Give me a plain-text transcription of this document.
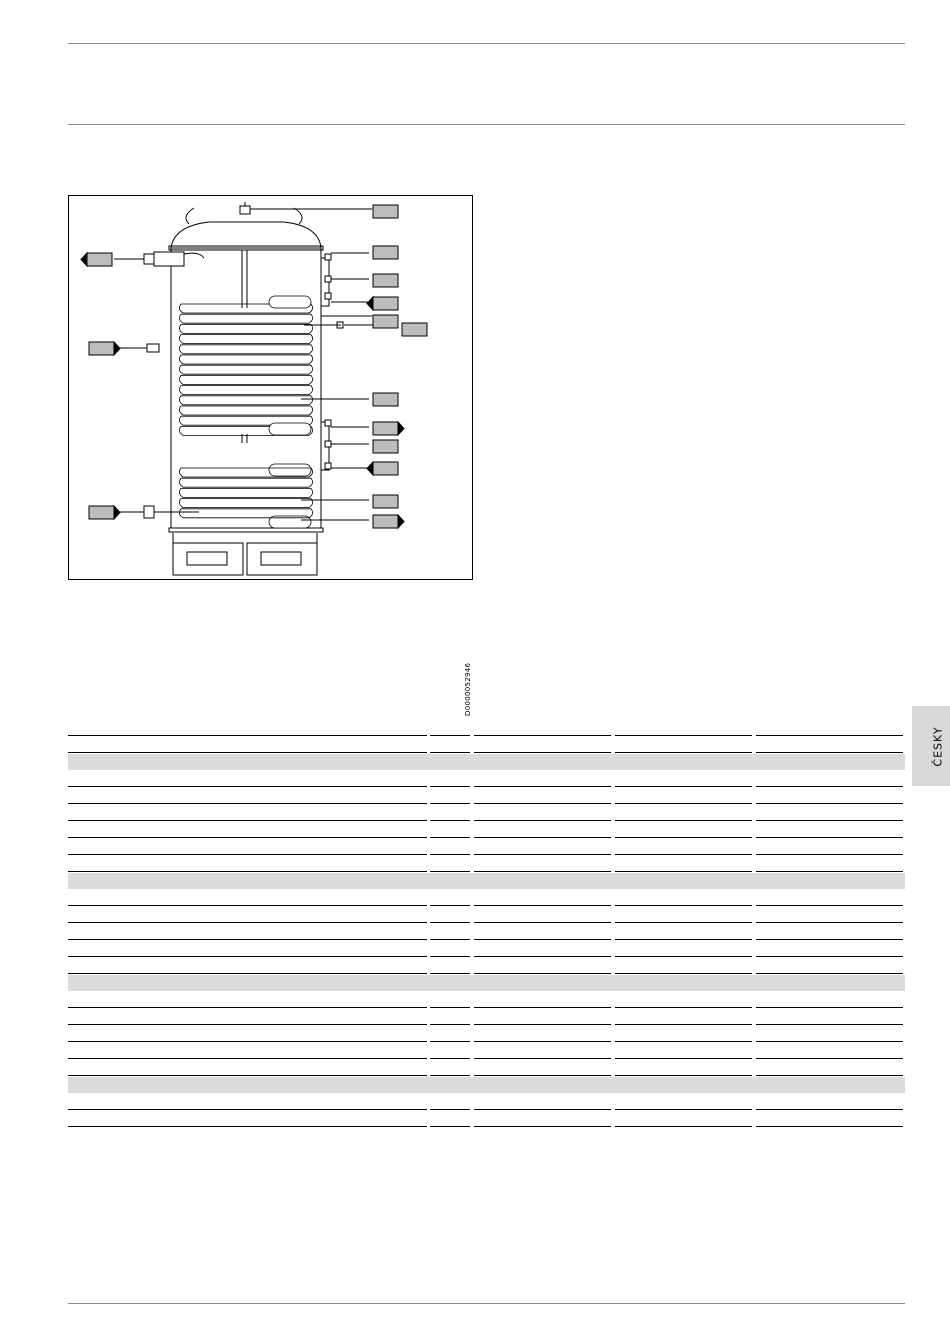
D0000052946
ČESKY
